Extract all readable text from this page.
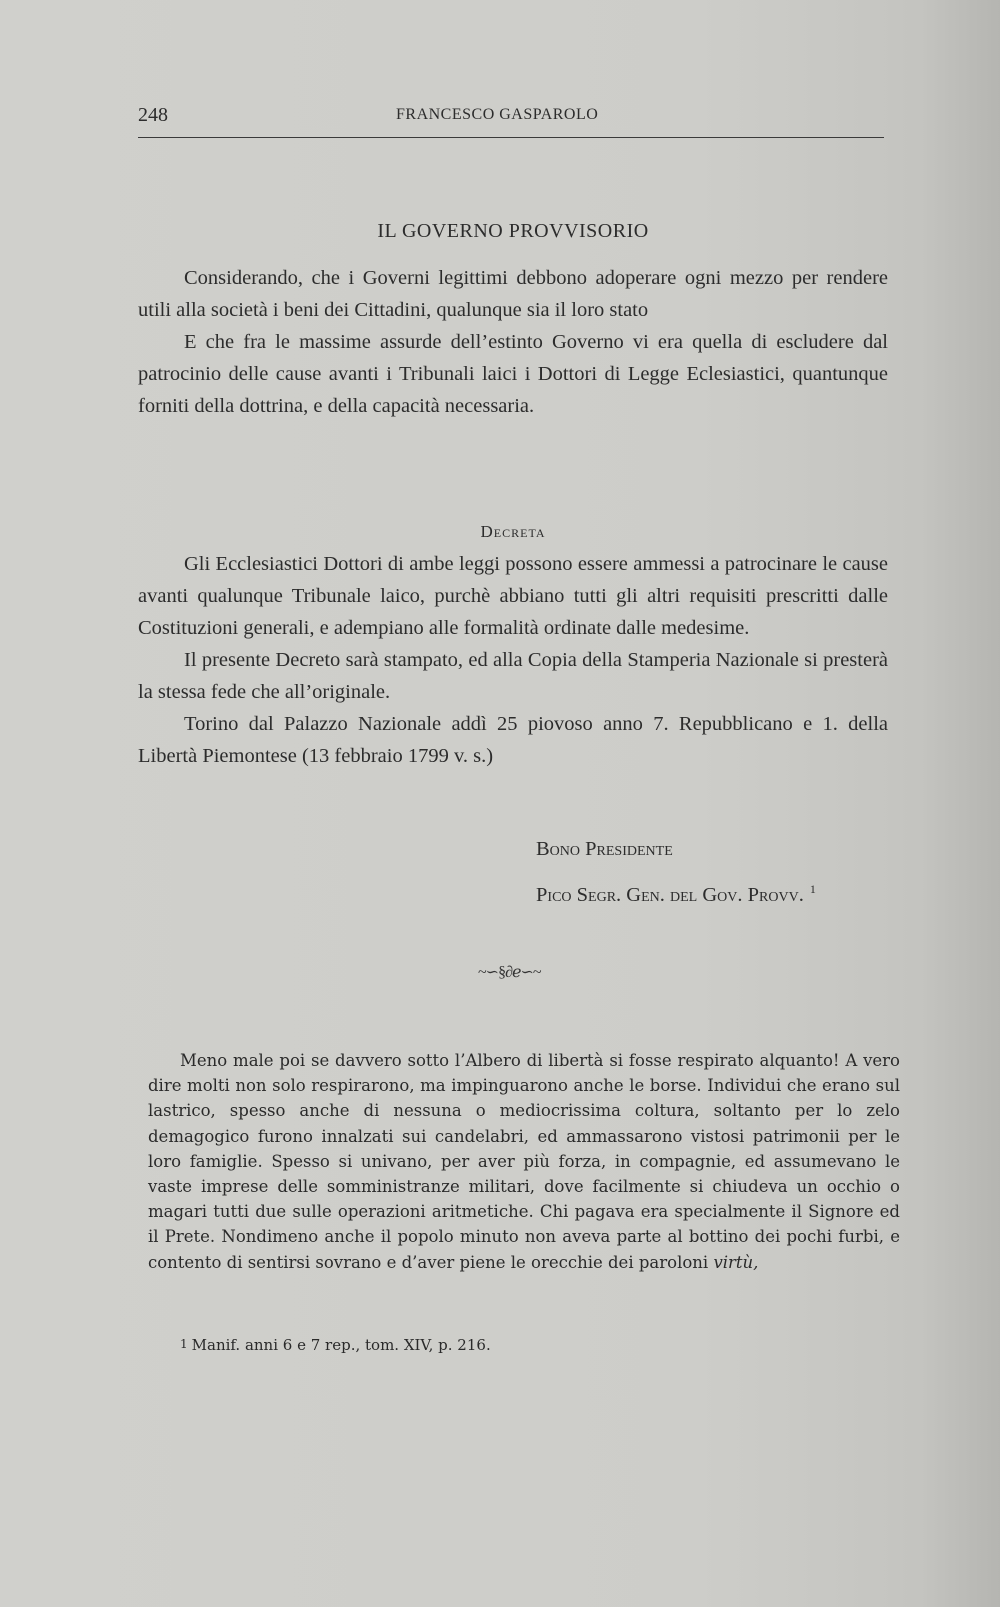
248	FRANCESCO GASPAROLO
IL GOVERNO PROVVISORIO

Considerando, che i Governi legittimi debbono adoperare ogni mezzo per rendere utili alla società i beni dei Cittadini, qualunque sia il loro stato

E che fra le massime assurde dell’estinto Governo vi era quella di escludere dal patrocinio delle cause avanti i Tribunali laici i Dottori di Legge Eclesiastici, quantunque forniti della dottrina, e della capacità necessaria.

Decreta

Gli Ecclesiastici Dottori di ambe leggi possono essere ammessi a patrocinare le cause avanti qualunque Tribunale laico, purchè abbiano tutti gli altri requisiti prescritti dalle Costituzioni generali, e adempiano alle formalità ordinate dalle medesime.

Il presente Decreto sarà stampato, ed alla Copia della Stamperia Nazionale si presterà la stessa fede che all’originale.

Torino dal Palazzo Nazionale addì 25 piovoso anno 7. Repubblicano e 1. della Libertà Piemontese (13 febbraio 1799 v. s.)

Bono Presidente
Pico Segr. Gen. del Gov. Provv. $^1$
~∽§∂ℯ∽~

Meno male poi se davvero sotto l’Albero di libertà si fosse respirato alquanto! A vero dire molti non solo respirarono, ma impinguarono anche le borse. Individui che erano sul lastrico, spesso anche di nessuna o mediocrissima coltura, soltanto per lo zelo demagogico furono innalzati sui candelabri, ed ammassarono vistosi patrimonii per le loro famiglie. Spesso si univano, per aver più forza, in compagnie, ed assumevano le vaste imprese delle somministranze militari, dove facilmente si chiudeva un occhio o magari tutti due sulle operazioni aritmetiche. Chi pagava era specialmente il Signore ed il Prete. Nondimeno anche il popolo minuto non aveva parte al bottino dei pochi furbi, e contento di sentirsi sovrano e d’aver piene le orecchie dei paroloni virtù,

1 Manif. anni 6 e 7 rep., tom. XIV, p. 216.
